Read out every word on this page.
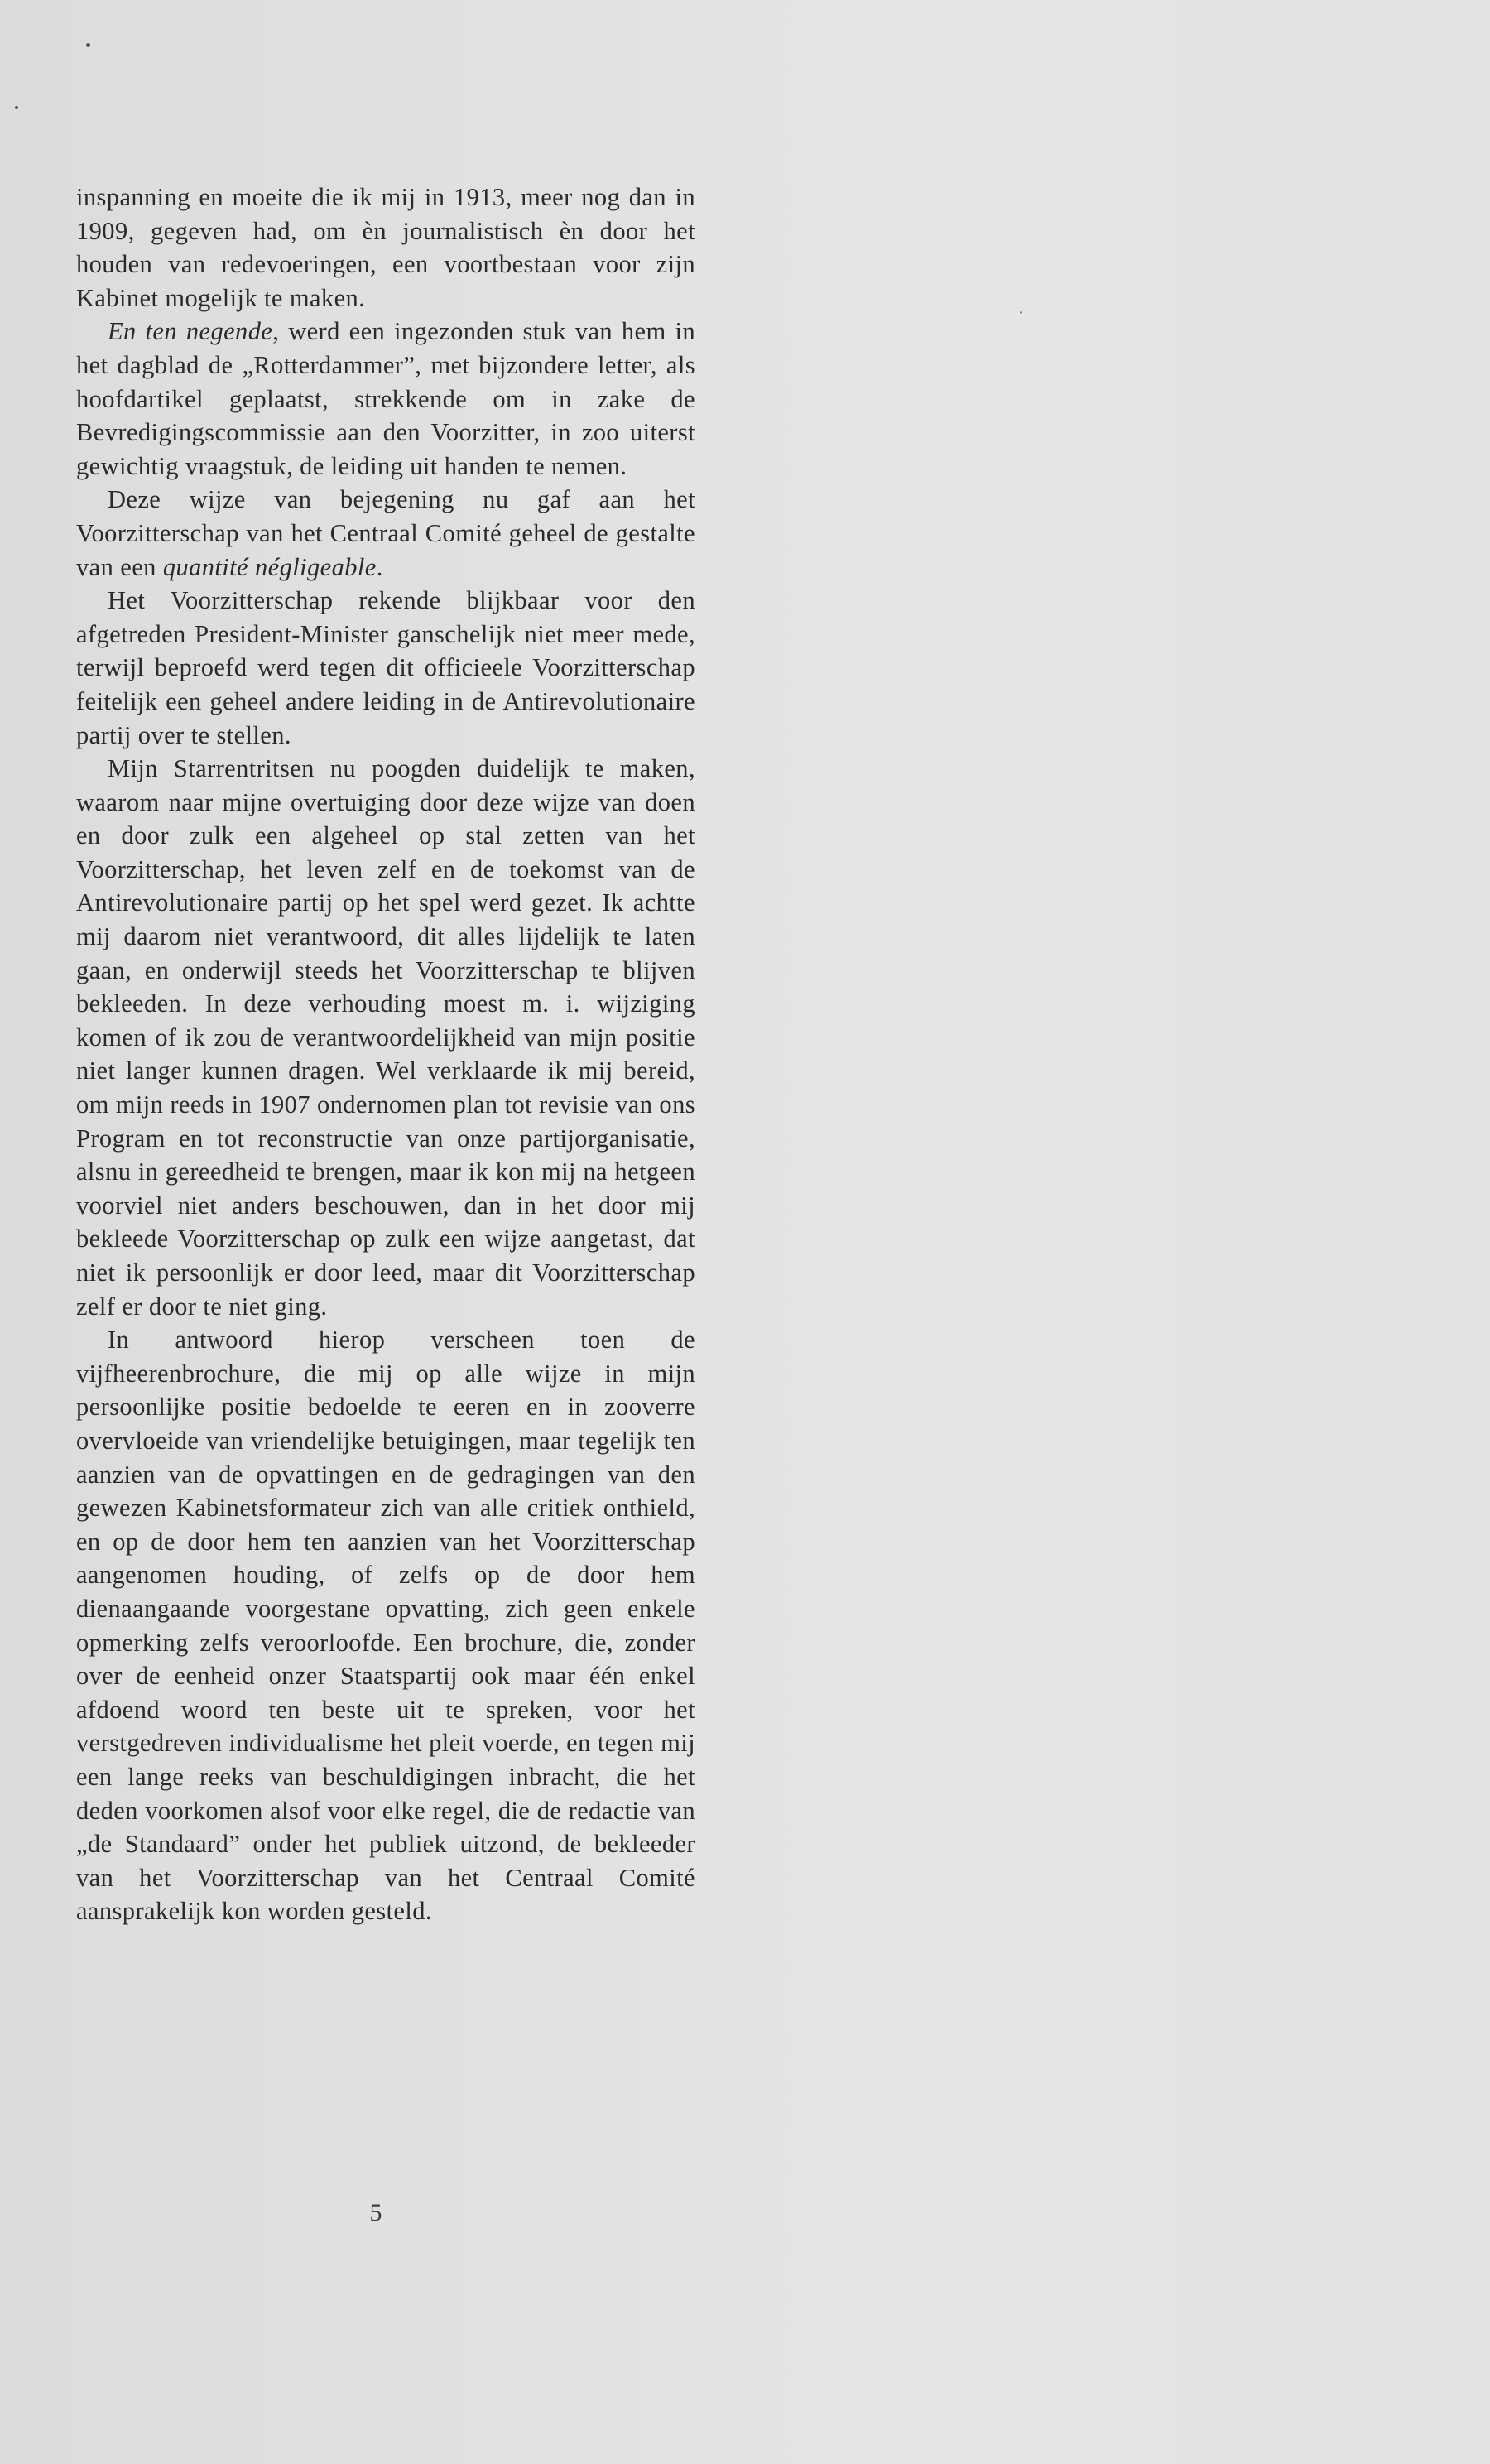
inspanning en moeite die ik mij in 1913, meer nog dan in 1909, gegeven had, om èn journalistisch èn door het houden van redevoeringen, een voortbestaan voor zijn Kabinet mogelijk te maken.

En ten negende, werd een ingezonden stuk van hem in het dagblad de „Rotterdammer”, met bijzondere letter, als hoofdartikel geplaatst, strekkende om in zake de Bevredigingscommissie aan den Voorzitter, in zoo uiterst gewichtig vraagstuk, de leiding uit handen te nemen.

Deze wijze van bejegening nu gaf aan het Voorzitterschap van het Centraal Comité geheel de gestalte van een quantité négligeable.

Het Voorzitterschap rekende blijkbaar voor den afgetreden President-Minister ganschelijk niet meer mede, terwijl beproefd werd tegen dit officieele Voorzitterschap feitelijk een geheel andere leiding in de Antirevolutionaire partij over te stellen.

Mijn Starrentritsen nu poogden duidelijk te maken, waarom naar mijne overtuiging door deze wijze van doen en door zulk een algeheel op stal zetten van het Voorzitterschap, het leven zelf en de toekomst van de Antirevolutionaire partij op het spel werd gezet. Ik achtte mij daarom niet verantwoord, dit alles lijdelijk te laten gaan, en onderwijl steeds het Voorzitterschap te blijven bekleeden. In deze verhouding moest m. i. wijziging komen of ik zou de verantwoordelijkheid van mijn positie niet langer kunnen dragen. Wel verklaarde ik mij bereid, om mijn reeds in 1907 ondernomen plan tot revisie van ons Program en tot reconstructie van onze partijorganisatie, alsnu in gereedheid te brengen, maar ik kon mij na hetgeen voorviel niet anders beschouwen, dan in het door mij bekleede Voorzitterschap op zulk een wijze aangetast, dat niet ik persoonlijk er door leed, maar dit Voorzitterschap zelf er door te niet ging.

In antwoord hierop verscheen toen de vijfheerenbrochure, die mij op alle wijze in mijn persoonlijke positie bedoelde te eeren en in zooverre overvloeide van vriendelijke betuigingen, maar tegelijk ten aanzien van de opvattingen en de gedragingen van den gewezen Kabinetsformateur zich van alle critiek onthield, en op de door hem ten aanzien van het Voorzitterschap aangenomen houding, of zelfs op de door hem dienaangaande voorgestane opvatting, zich geen enkele opmerking zelfs veroorloofde. Een brochure, die, zonder over de eenheid onzer Staatspartij ook maar één enkel afdoend woord ten beste uit te spreken, voor het verstgedreven individualisme het pleit voerde, en tegen mij een lange reeks van beschuldigingen inbracht, die het deden voorkomen alsof voor elke regel, die de redactie van „de Standaard” onder het publiek uitzond, de bekleeder van het Voorzitterschap van het Centraal Comité aansprakelijk kon worden gesteld.

5
